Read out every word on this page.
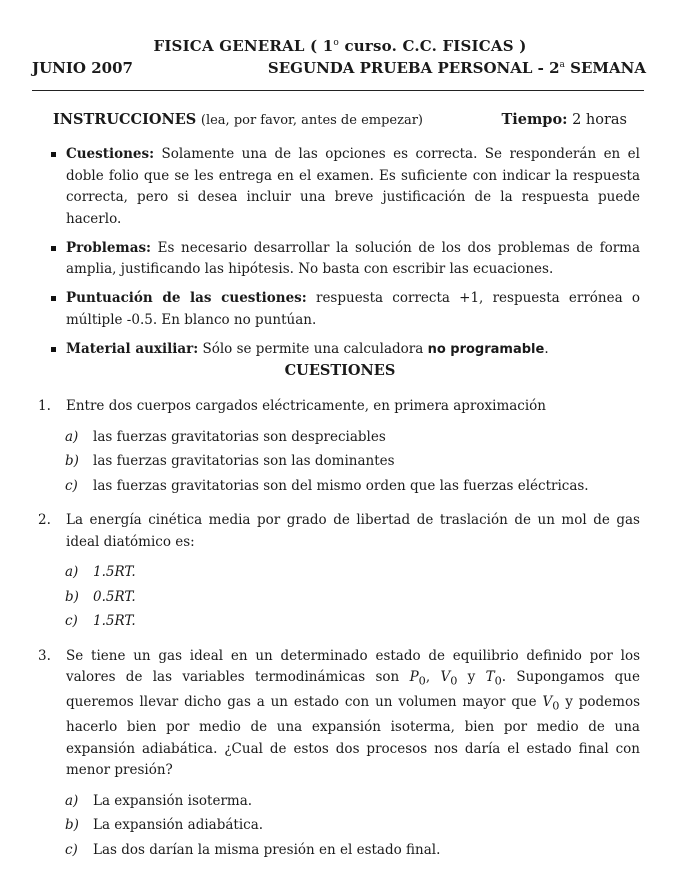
FISICA GENERAL ( 1$^o$ curso. C.C. FISICAS )
JUNIO 2007	SEGUNDA PRUEBA PERSONAL - 2$^a$ SEMANA
INSTRUCCIONES (lea, por favor, antes de empezar)	Tiempo: 2 horas
Cuestiones: Solamente una de las opciones es correcta. Se responderán en el doble folio que se les entrega en el examen. Es suficiente con indicar la respuesta correcta, pero si desea incluir una breve justificación de la respuesta puede hacerlo.
Problemas: Es necesario desarrollar la solución de los dos problemas de forma amplia, justificando las hipótesis. No basta con escribir las ecuaciones.
Puntuación de las cuestiones: respuesta correcta +1, respuesta errónea o múltiple -0.5. En blanco no puntúan.
Material auxiliar: Sólo se permite una calculadora no programable.
CUESTIONES
1. Entre dos cuerpos cargados eléctricamente, en primera aproximación
a) las fuerzas gravitatorias son despreciables
b) las fuerzas gravitatorias son las dominantes
c) las fuerzas gravitatorias son del mismo orden que las fuerzas eléctricas.
2. La energía cinética media por grado de libertad de traslación de un mol de gas ideal diatómico es:
a) 1.5RT.
b) 0.5RT.
c) 1.5RT.
3. Se tiene un gas ideal en un determinado estado de equilibrio definido por los valores de las variables termodinámicas son $P_0$, $V_0$ y $T_0$. Supongamos que queremos llevar dicho gas a un estado con un volumen mayor que $V_0$ y podemos hacerlo bien por medio de una expansión isoterma, bien por medio de una expansión adiabática. ¿Cual de estos dos procesos nos daría el estado final con menor presión?
a) La expansión isoterma.
b) La expansión adiabática.
c) Las dos darían la misma presión en el estado final.
